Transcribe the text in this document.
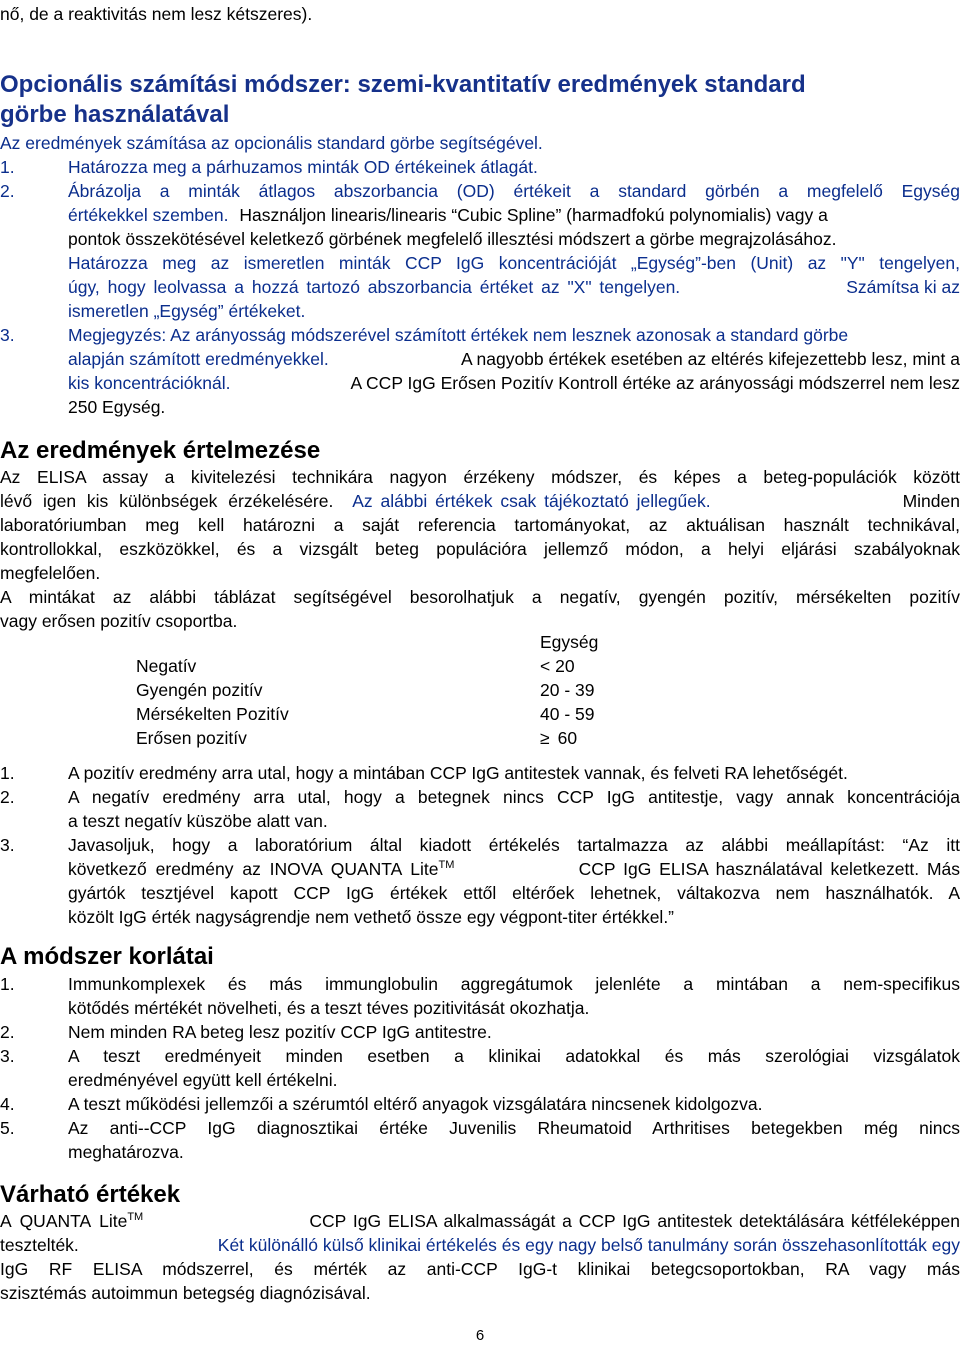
nő, de a reaktivitás nem lesz kétszeres).
Opcionális számítási módszer: szemi-kvantitatív eredmények standard
görbe használatával
Az eredmények számítása az opcionális standard görbe segítségével.
1.	Határozza meg a párhuzamos minták OD értékeinek átlagát.
2.	Ábrázolja a minták átlagos abszorbancia (OD) értékeit a standard görbén a megfelelő Egység
értékekkel szemben. Használjon linearis/linearis “Cubic Spline” (harmadfokú polynomialis) vagy a
pontok összekötésével keletkező görbének megfelelő illesztési módszert a görbe megrajzolásához.
Határozza meg az ismeretlen minták CCP IgG koncentrációját „Egység”-ben (Unit) az "Y" tengelyen,
úgy, hogy leolvassa a hozzá tartozó abszorbancia értéket az "X" tengelyen.	Számítsa ki az
ismeretlen „Egység” értékeket.
3.	Megjegyzés: Az arányosság módszerével számított értékek nem lesznek azonosak a standard görbe
alapján számított eredményekkel.	A nagyobb értékek esetében az eltérés kifejezettebb lesz, mint a
kis koncentrációknál.	A CCP IgG Erősen Pozitív Kontroll értéke az arányossági módszerrel nem lesz
250 Egység.
Az eredmények értelmezése
Az ELISA assay a kivitelezési technikára nagyon érzékeny módszer, és képes a beteg-populációk között
lévő igen kis különbségek érzékelésére. Az alábbi értékek csak tájékoztató jellegűek.	Minden
laboratóriumban meg kell határozni a saját referencia tartományokat, az aktuálisan használt technikával,
kontrollokkal, eszközökkel, és a vizsgált beteg populációra jellemző módon, a helyi eljárási szabályoknak
megfelelően.
A mintákat az alábbi táblázat segítségével besorolhatjuk a negatív, gyengén pozitív, mérsékelten pozitív
vagy erősen pozitív csoportba.
Egység
Negatív	< 20
Gyengén pozitív	20 - 39
Mérsékelten Pozitív	40 - 59
Erősen pozitív	≥ 60
1.	A pozitív eredmény arra utal, hogy a mintában CCP IgG antitestek vannak, és felveti RA lehetőségét.
2.	A negatív eredmény arra utal, hogy a betegnek nincs CCP IgG antitestje, vagy annak koncentrációja
a teszt negatív küszöbe alatt van.
3.	Javasoljuk, hogy a laboratórium által kiadott értékelés tartalmazza az alábbi meállapítást: “Az itt
következő eredmény az INOVA QUANTA Lite™	CCP IgG ELISA használatával keletkezett. Más
gyártók tesztjével kapott CCP IgG értékek ettől eltérőek lehetnek, váltakozva nem használhatók. A
közölt IgG érték nagyságrendje nem vethető össze egy végpont-titer értékkel.”
A módszer korlátai
1.	Immunkomplexek és más immunglobulin aggregátumok jelenléte a mintában a nem-specifikus
kötődés mértékét növelheti, és a teszt téves pozitivitását okozhatja.
2.	Nem minden RA beteg lesz pozitív CCP IgG antitestre.
3.	A teszt eredményeit minden esetben a klinikai adatokkal és más szerológiai vizsgálatok
eredményével együtt kell értékelni.
4.	A teszt működési jellemzői a szérumtól eltérő anyagok vizsgálatára nincsenek kidolgozva.
5.	Az anti--CCP IgG diagnosztikai értéke Juvenilis Rheumatoid Arthritises betegekben még nincs
meghatározva.
Várható értékek
A QUANTA Lite™	CCP IgG ELISA alkalmasságát a CCP IgG antitestek detektálására kétféleképpen
tesztelték.	Két különálló külső klinikai értékelés és egy nagy belső tanulmány során összehasonlították egy
IgG RF ELISA módszerrel, és mérték az anti-CCP IgG-t klinikai betegcsoportokban, RA vagy más
szisztémás autoimmun betegség diagnózisával.
6
